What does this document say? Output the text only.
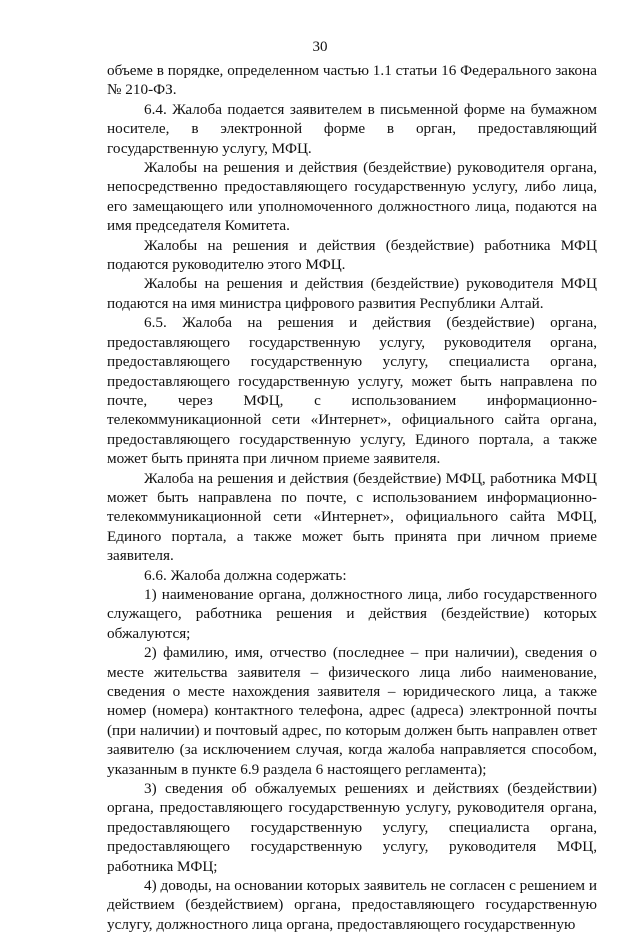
30

объеме в порядке, определенном частью 1.1 статьи 16 Федерального закона № 210-ФЗ.

6.4. Жалоба подается заявителем в письменной форме на бумажном носителе, в электронной форме в орган, предоставляющий государственную услугу, МФЦ.

Жалобы на решения и действия (бездействие) руководителя органа, непосредственно предоставляющего государственную услугу, либо лица, его замещающего или уполномоченного должностного лица, подаются на имя председателя Комитета.

Жалобы на решения и действия (бездействие) работника МФЦ подаются руководителю этого МФЦ.

Жалобы на решения и действия (бездействие) руководителя МФЦ подаются на имя министра цифрового развития Республики Алтай.

6.5. Жалоба на решения и действия (бездействие) органа, предоставляющего государственную услугу, руководителя органа, предоставляющего государственную услугу, специалиста органа, предоставляющего государственную услугу, может быть направлена по почте, через МФЦ, с использованием информационно-телекоммуникационной сети «Интернет», официального сайта органа, предоставляющего государственную услугу, Единого портала, а также может быть принята при личном приеме заявителя.

Жалоба на решения и действия (бездействие) МФЦ, работника МФЦ может быть направлена по почте, с использованием информационно-телекоммуникационной сети «Интернет», официального сайта МФЦ, Единого портала, а также может быть принята при личном приеме заявителя.

6.6. Жалоба должна содержать:

1) наименование органа, должностного лица, либо государственного служащего, работника решения и действия (бездействие) которых обжалуются;

2) фамилию, имя, отчество (последнее – при наличии), сведения о месте жительства заявителя – физического лица либо наименование, сведения о месте нахождения заявителя – юридического лица, а также номер (номера) контактного телефона, адрес (адреса) электронной почты (при наличии) и почтовый адрес, по которым должен быть направлен ответ заявителю (за исключением случая, когда жалоба направляется способом, указанным в пункте 6.9 раздела 6 настоящего регламента);

3) сведения об обжалуемых решениях и действиях (бездействии) органа, предоставляющего государственную услугу, руководителя органа, предоставляющего государственную услугу, специалиста органа, предоставляющего государственную услугу, руководителя МФЦ, работника МФЦ;

4) доводы, на основании которых заявитель не согласен с решением и действием (бездействием) органа, предоставляющего государственную услугу, должностного лица органа, предоставляющего государственную
